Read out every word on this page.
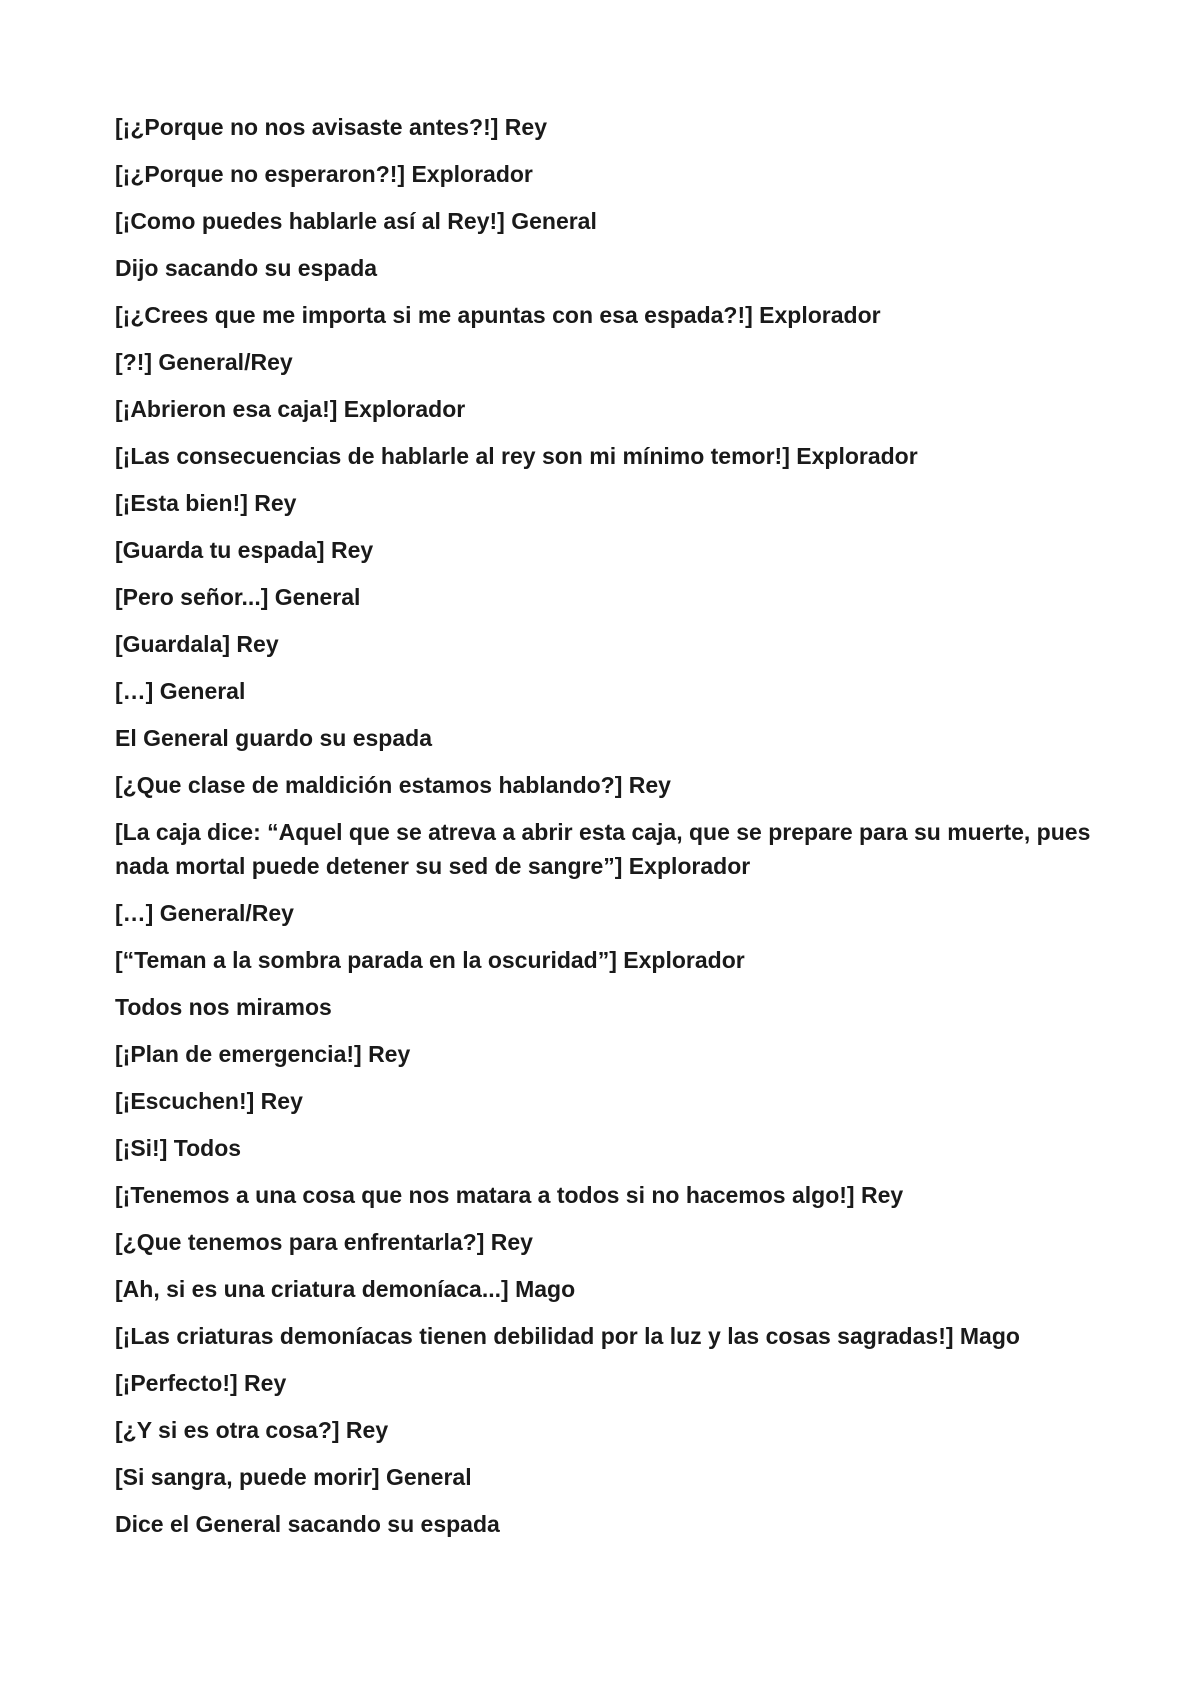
[¡¿Porque no nos avisaste antes?!] Rey

[¡¿Porque no esperaron?!] Explorador

[¡Como puedes hablarle así al Rey!] General

Dijo sacando su espada

[¡¿Crees que me importa si me apuntas con esa espada?!] Explorador

[?!] General/Rey

[¡Abrieron esa caja!] Explorador

[¡Las consecuencias de hablarle al rey son mi mínimo temor!] Explorador

[¡Esta bien!] Rey

[Guarda tu espada] Rey

[Pero señor...] General

[Guardala] Rey

[…] General

El General guardo su espada

[¿Que clase de maldición estamos hablando?] Rey

[La caja dice: “Aquel que se atreva a abrir esta caja, que se prepare para su muerte, pues nada mortal puede detener su sed de sangre”] Explorador

[…] General/Rey

[“Teman a la sombra parada en la oscuridad”] Explorador

Todos nos miramos

[¡Plan de emergencia!] Rey

[¡Escuchen!] Rey

[¡Si!] Todos

[¡Tenemos a una cosa que nos matara a todos si no hacemos algo!] Rey

[¿Que tenemos para enfrentarla?] Rey

[Ah, si es una criatura demoníaca...] Mago

[¡Las criaturas demoníacas tienen debilidad por la luz y las cosas sagradas!] Mago

[¡Perfecto!] Rey

[¿Y si es otra cosa?] Rey

[Si sangra, puede morir] General

Dice el General sacando su espada
